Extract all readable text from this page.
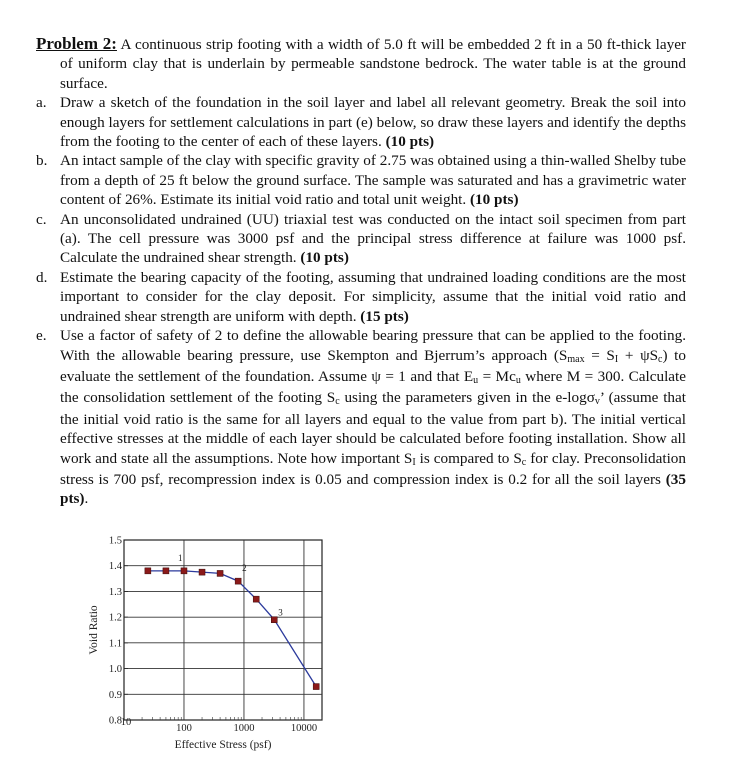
Problem 2: A continuous strip footing with a width of 5.0 ft will be embedded 2 ft in a 50 ft-thick layer of uniform clay that is underlain by permeable sandstone bedrock. The water table is at the ground surface.
a. Draw a sketch of the foundation in the soil layer and label all relevant geometry. Break the soil into enough layers for settlement calculations in part (e) below, so draw these layers and identify the depths from the footing to the center of each of these layers. (10 pts)
b. An intact sample of the clay with specific gravity of 2.75 was obtained using a thin-walled Shelby tube from a depth of 25 ft below the ground surface. The sample was saturated and has a gravimetric water content of 26%. Estimate its initial void ratio and total unit weight. (10 pts)
c. An unconsolidated undrained (UU) triaxial test was conducted on the intact soil specimen from part (a). The cell pressure was 3000 psf and the principal stress difference at failure was 1000 psf. Calculate the undrained shear strength. (10 pts)
d. Estimate the bearing capacity of the footing, assuming that undrained loading conditions are the most important to consider for the clay deposit. For simplicity, assume that the initial void ratio and undrained shear strength are uniform with depth. (15 pts)
e. Use a factor of safety of 2 to define the allowable bearing pressure that can be applied to the footing. With the allowable bearing pressure, use Skempton and Bjerrum’s approach (Smax = SI + ψSc) to evaluate the settlement of the foundation. Assume ψ = 1 and that Eu = Mcu where M = 300. Calculate the consolidation settlement of the footing Sc using the parameters given in the e-logσv’ (assume that the initial void ratio is the same for all layers and equal to the value from part b). The initial vertical effective stresses at the middle of each layer should be calculated before footing installation. Show all work and state all the assumptions. Note how important SI is compared to Sc for clay. Preconsolidation stress is 700 psf, recompression index is 0.05 and compression index is 0.2 for all the soil layers (35 pts).
10
100	1000	10000
1.5
1.4
1.3
1.2
1.1
1.0
0.9
0.8
1
2
3
Effective Stress (psf)
Void Ratio
